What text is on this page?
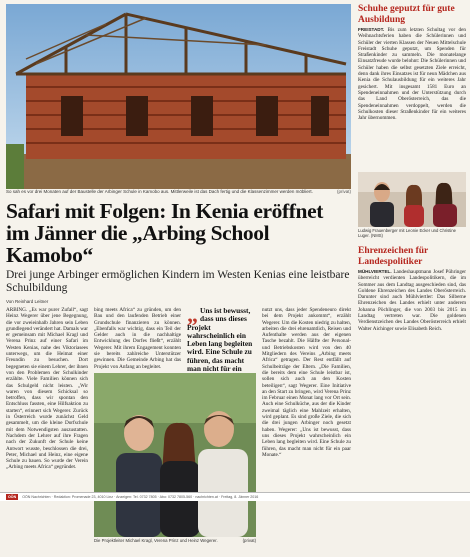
So sah es vor drei Monaten auf der Baustelle der Arbinger Schule in Kamobo aus. Mittlerweile ist das Dach fertig und die Klassenzimmer werden möbliert.	(privat)
Safari mit Folgen: In Kenia eröffnet im Jänner die „Arbing School Kamobo“
Drei junge Arbinger ermöglichen Kindern im Westen Kenias eine leistbare Schulbildung
Von Reinhard Leitner
ARBING. „Es war purer Zufall“, sagt Heinz Wegerer über jene Begegnung, die vor zweieinhalb Jahren sein Leben grundlegend verändert hat. Damals war er gemeinsam mit Michael Kragl und Verena Prinz auf einer Safari im Westen Kenias, nahe des Viktoriasees unterwegs, um die Heimat einer Freundin zu besuchen. Dort begegneten sie einem Lehrer, der ihnen von den Problemen der Schulkinder erzählte. Viele Familien können sich das Schulgeld nicht leisten. „Wir waren von diesem Schicksal so betroffen, dass wir spontan den Entschluss fassten, eine Hilfsaktion zu starten“, erinnert sich Wegerer. Zurück in Österreich wurde zunächst Geld gesammelt, um die kleine Dorfschule mit dem Notwendigsten auszustatten. Nachdem der Lehrer auf ihre Fragen nach der Zukunft der Schule keine Antwort wusste, beschlossen die drei, Peter, Michael und Heinz, eine eigene Schule zu bauen. So wurde der Verein „Arbing meets Africa“ gegründet.
bing meets Africa“ zu gründen, um den Bau und den laufenden Betrieb einer Grundschule finanzieren zu können. „Ebenfalls war wichtig, dass ein Teil der Gelder auch in die nachhaltige Entwicklung des Dorfes fließt“, erzählt Wegerer. Mit ihrem Engagement konnten sie bereits zahlreiche Unterstützer gewinnen. Die Gemeinde Arbing hat das Projekt von Anfang an begleitet.
„ Uns ist bewusst, dass uns dieses Projekt wahrscheinlich ein Leben lang begleiten wird. Eine Schule zu führen, das macht man nicht für ein
nutzt uns, dass jeder Spendeneuro direkt bei dem Projekt ankommt“, erzählt Wegerer. Um die Kosten niedrig zu halten, arbeiten die drei ehrenamtlich, Reisen und Aufenthalte werden aus der eigenen Tasche bezahlt. Die Hälfte der Personal- und Betriebskosten wird von den 40 Mitgliedern des Vereins „Arbing meets Africa“ getragen. Der Rest entfällt auf Schulbeiträge der Eltern. „Die Familien, die bereits dem eine Schule leistbar ist, sollen sich auch an den Kosten beteiligen“, sagt Wegerer. Eine Initiative an den Start zu bringen, wird Verena Prinz im Februar einen Monat lang vor Ort sein. Auch eine Schulküche, aus der die Kinder zweimal täglich eine Mahlzeit erhalten, wird geplant. Es sind große Ziele, die sich die drei jungen Arbinger noch gesetzt haben. Wegerer: „Uns ist bewusst, dass uns dieses Projekt wahrscheinlich ein Leben lang begleiten wird. Eine Schule zu führen, das macht man nicht für ein paar Monate.“
Die Projektleiter Michael Kragl, Verena Prinz und Heinz Wegerer.	(privat)
Schuhe geputzt für gute Ausbildung
FREISTADT. Bis zum letzten Schultag vor den Weihnachtsferien haben die Schülerinnen und Schüler der vierten Klassen der Neuen Mittelschule Freistadt Schuhe geputzt, um Spenden für Straßenkinder zu sammeln. Die monatelange Einsatzfreude wurde belohnt: Die Schülerinnen und Schüler haben die selbst gesetzten Ziele erreicht, denn dank ihres Einsatzes ist für neun Mädchen aus Kenia die Schulausbildung für ein weiteres Jahr gesichert. Mit insgesamt 1581 Euro an Spendeneinnahmen und der Unterstützung durch das Land Oberösterreich, das die Spendeneinnahmen verdoppelt, werden die Schulkosten dieser Straßenkinder für ein weiteres Jahr übernommen.
Ludwig Frauenberger mit Leonie Ecker und Christine Luger. (NMS)
Ehrenzeichen für Landespolitiker
MÜHLVIERTEL. Landeshauptmann Josef Pühringer überreicht verdienten Landespolitikern, die im Sommer aus dem Landtag ausgeschieden sind, das Goldene Ehrenzeichen des Landes Oberösterreich. Darunter sind auch Mühlviertler: Das Silberne Ehrenzeichen des Landes erhielt unter anderem Johanna Pöchlinger, die von 2003 bis 2015 im Landtag vertreten war. Die goldenen Verdienstzeichen des Landes Oberösterreich erhielt Walter Aichinger sowie Elisabeth Reich.
OÖN OÖN Nachrichten · Redaktion: Promenade 23, 4010 Linz · Anzeigen: Tel. 0732 7805 · Abo: 0732 7805-560 · nachrichten.at · Freitag, 8. Jänner 2016
